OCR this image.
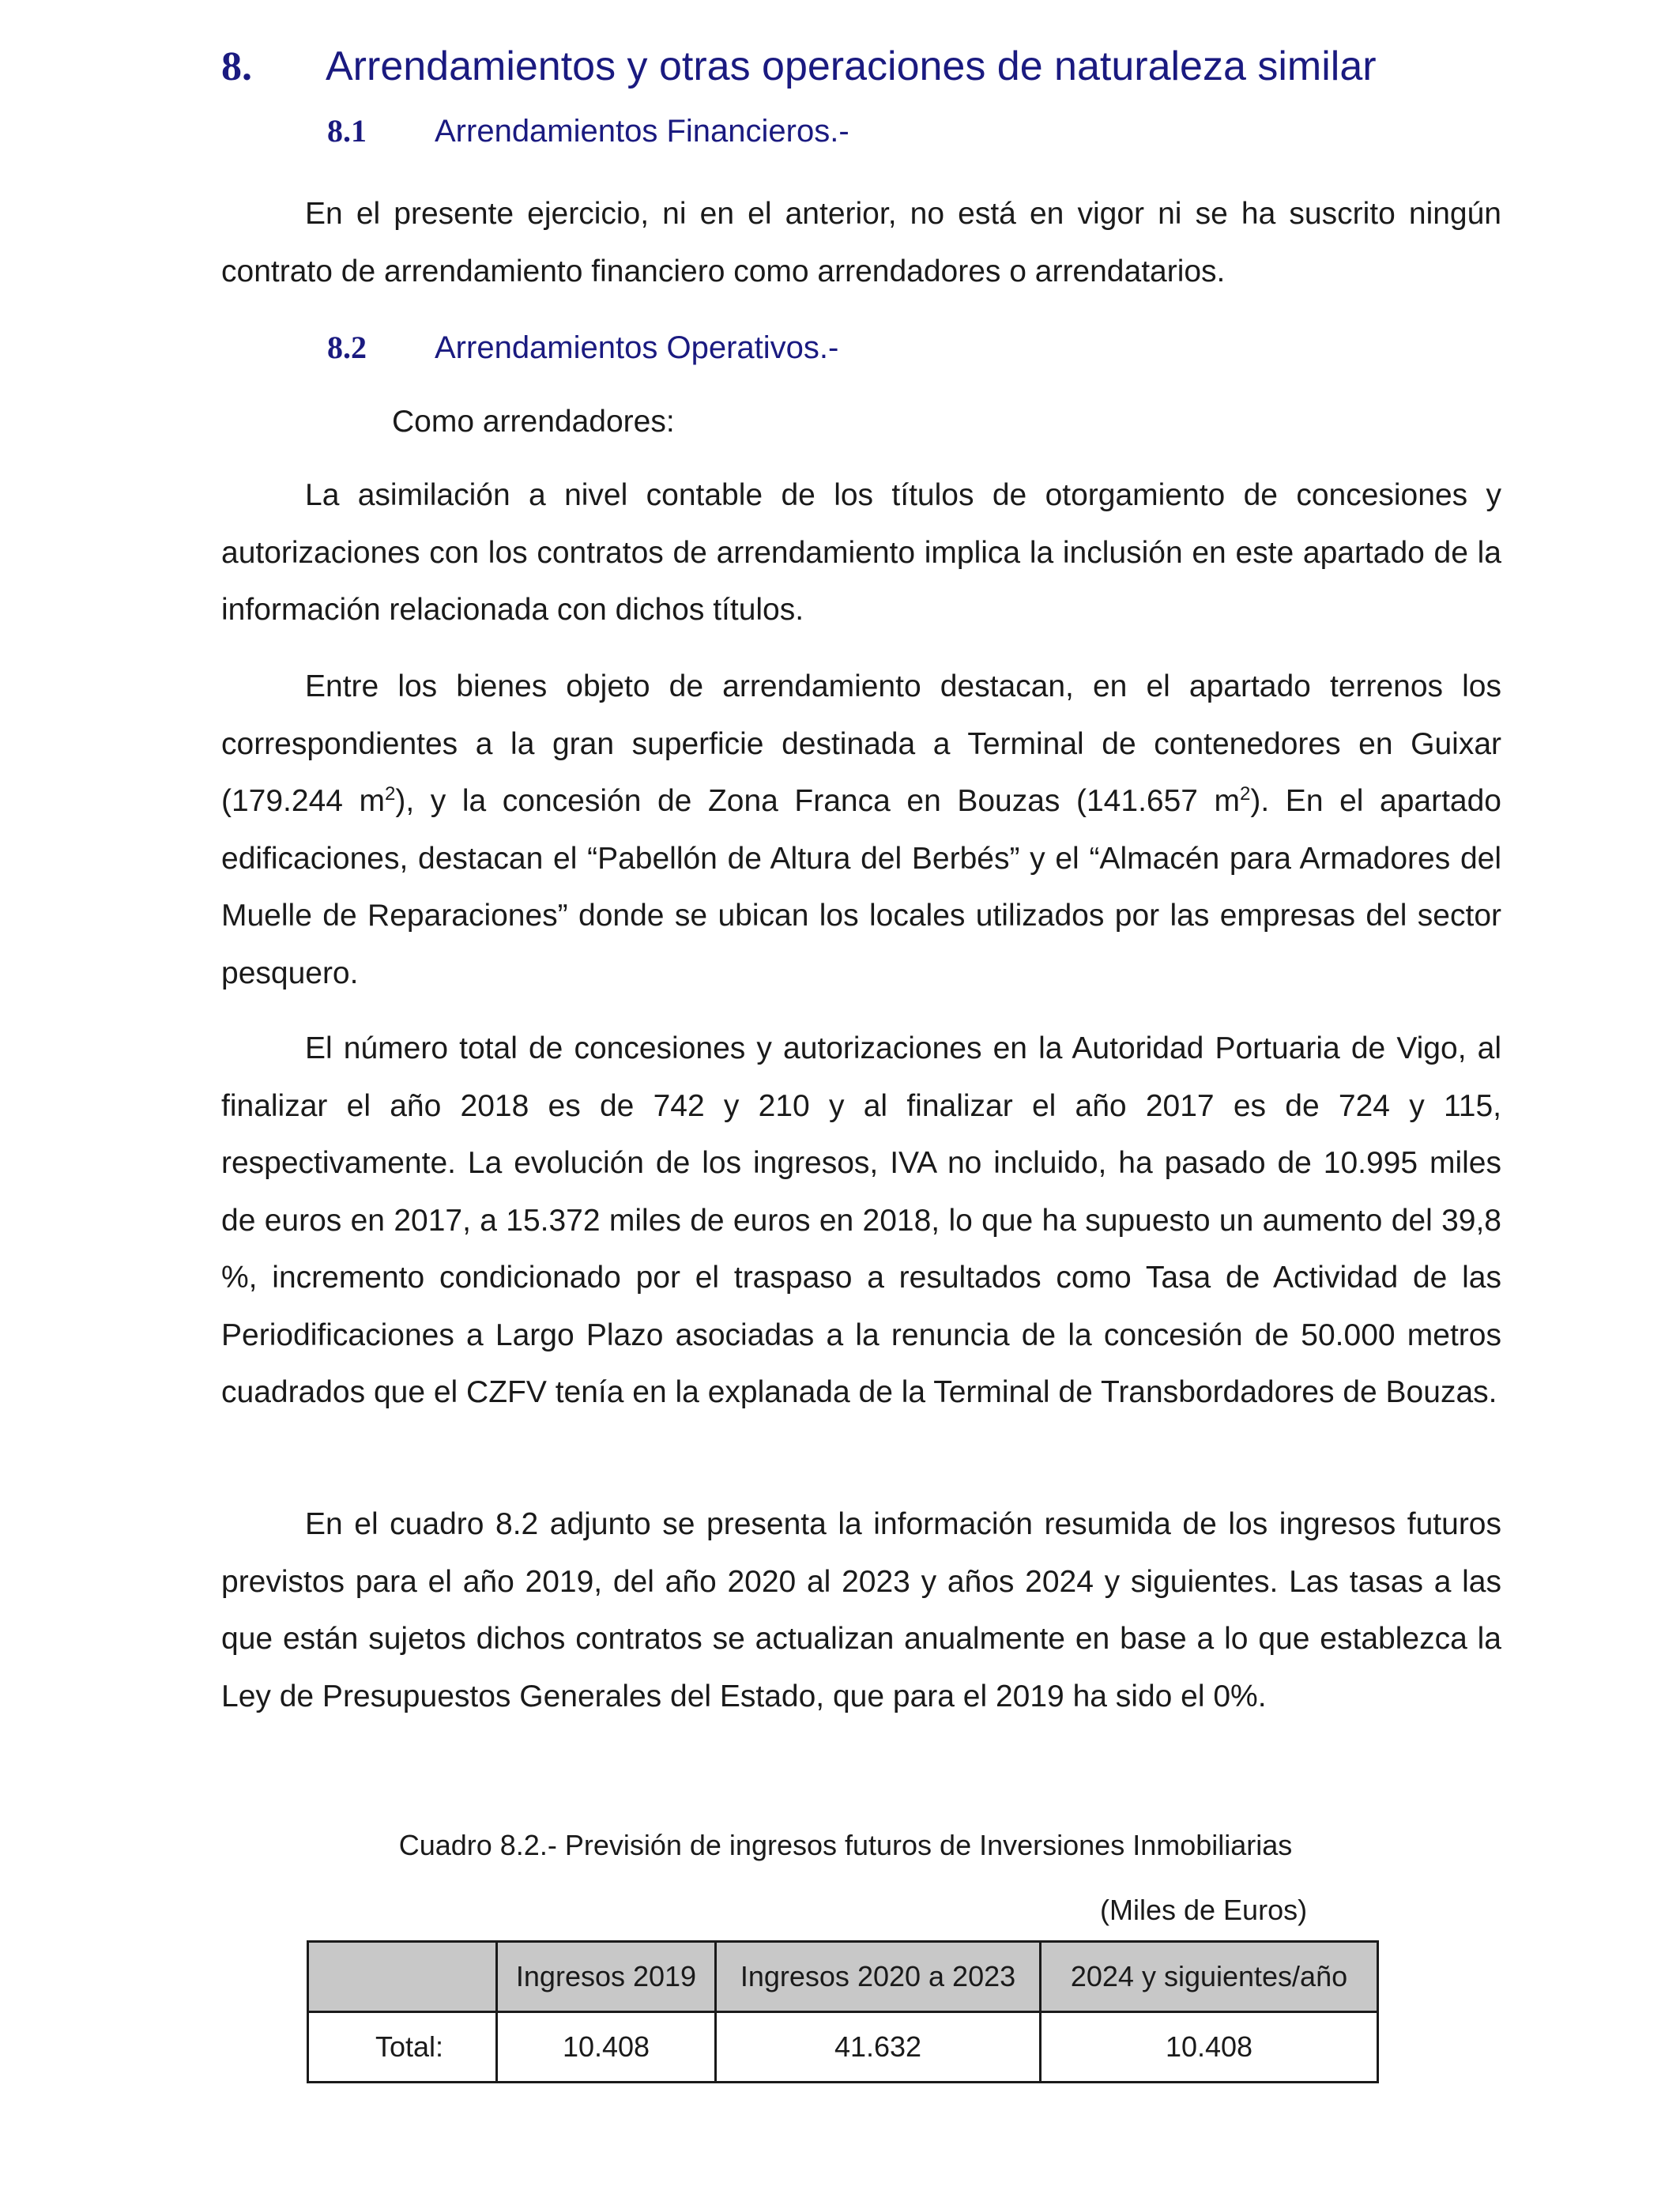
8. Arrendamientos y otras operaciones de naturaleza similar
8.1 Arrendamientos Financieros.-

En el presente ejercicio, ni en el anterior, no está en vigor ni se ha suscrito ningún contrato de arrendamiento financiero como arrendadores o arrendatarios.

8.2 Arrendamientos Operativos.-
Como arrendadores:

La asimilación a nivel contable de los títulos de otorgamiento de concesiones y autorizaciones con los contratos de arrendamiento implica la inclusión en este apartado de la información relacionada con dichos títulos.

Entre los bienes objeto de arrendamiento destacan, en el apartado terrenos los correspondientes a la gran superficie destinada a Terminal de contenedores en Guixar (179.244 $m^2$), y la concesión de Zona Franca en Bouzas (141.657 $m^2$). En el apartado edificaciones, destacan el “Pabellón de Altura del Berbés” y el “Almacén para Armadores del Muelle de Reparaciones” donde se ubican los locales utilizados por las empresas del sector pesquero.

El número total de concesiones y autorizaciones en la Autoridad Portuaria de Vigo, al finalizar el año 2018 es de 742 y 210 y al finalizar el año 2017 es de 724 y 115, respectivamente. La evolución de los ingresos, IVA no incluido, ha pasado de 10.995 miles de euros en 2017, a 15.372 miles de euros en 2018, lo que ha supuesto un aumento del 39,8 %, incremento condicionado por el traspaso a resultados como Tasa de Actividad de las Periodificaciones a Largo Plazo asociadas a la renuncia de la concesión de 50.000 metros cuadrados que el CZFV tenía en la explanada de la Terminal de Transbordadores de Bouzas.

En el cuadro 8.2 adjunto se presenta la información resumida de los ingresos futuros previstos para el año 2019, del año 2020 al 2023 y años 2024 y siguientes. Las tasas a las que están sujetos dichos contratos se actualizan anualmente en base a lo que establezca la Ley de Presupuestos Generales del Estado, que para el 2019 ha sido el 0%.

Cuadro 8.2.- Previsión de ingresos futuros de Inversiones Inmobiliarias
(Miles de Euros)
	Ingresos 2019	Ingresos 2020 a 2023	2024 y siguientes/año
Total:	10.408	41.632	10.408
